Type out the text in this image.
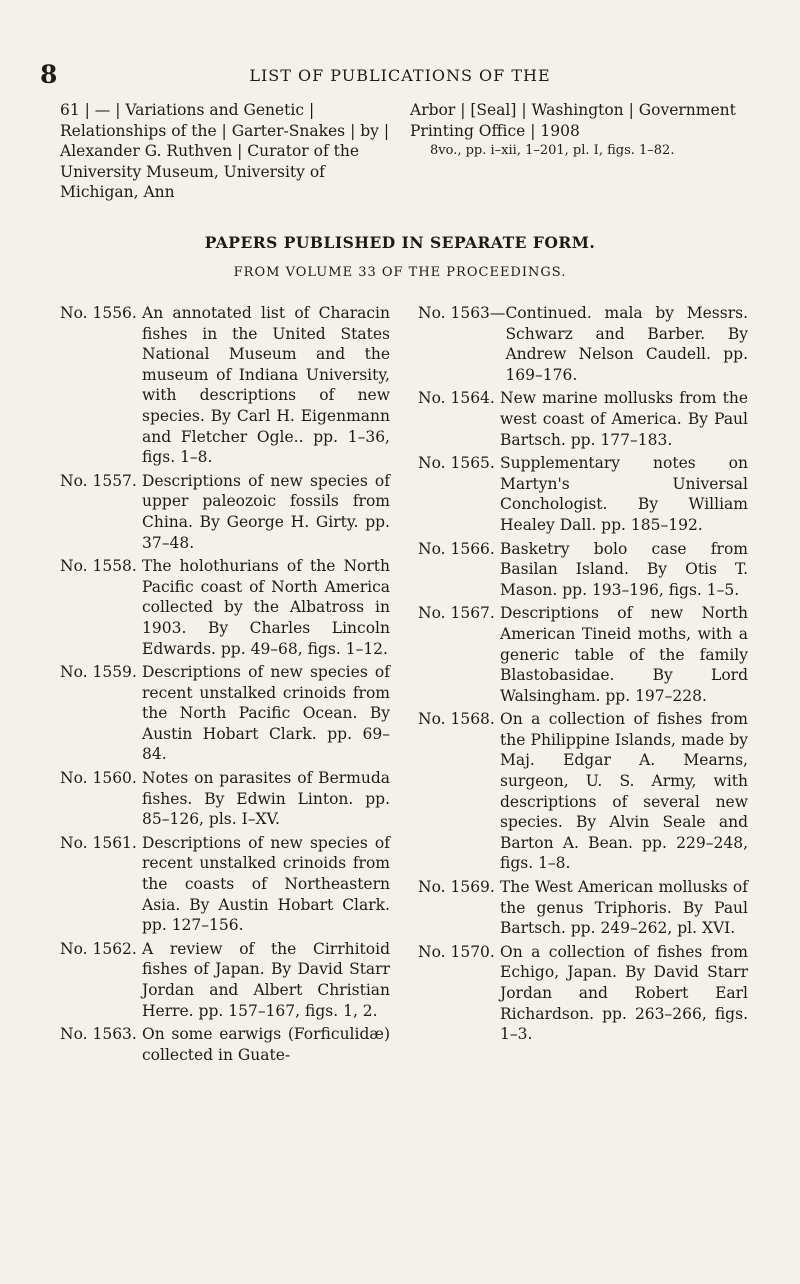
8	LIST OF PUBLICATIONS OF THE
61 | — | Variations and Genetic | Relationships of the | Garter-Snakes | by | Alexander G. Ruthven | Curator of the University Museum, University of Michigan, Ann
Arbor | [Seal] | Washington | Government Printing Office | 1908
8vo., pp. i–xii, 1–201, pl. I, figs. 1–82.
PAPERS PUBLISHED IN SEPARATE FORM.
FROM VOLUME 33 OF THE PROCEEDINGS.
No. 1556. An annotated list of Characin fishes in the United States National Museum and the museum of Indiana University, with descriptions of new species. By Carl H. Eigenmann and Fletcher Ogle.. pp. 1–36, figs. 1–8.
No. 1557. Descriptions of new species of upper paleozoic fossils from China. By George H. Girty. pp. 37–48.
No. 1558. The holothurians of the North Pacific coast of North America collected by the Albatross in 1903. By Charles Lincoln Edwards. pp. 49–68, figs. 1–12.
No. 1559. Descriptions of new species of recent unstalked crinoids from the North Pacific Ocean. By Austin Hobart Clark. pp. 69–84.
No. 1560. Notes on parasites of Bermuda fishes. By Edwin Linton. pp. 85–126, pls. I–XV.
No. 1561. Descriptions of new species of recent unstalked crinoids from the coasts of Northeastern Asia. By Austin Hobart Clark. pp. 127–156.
No. 1562. A review of the Cirrhitoid fishes of Japan. By David Starr Jordan and Albert Christian Herre. pp. 157–167, figs. 1, 2.
No. 1563. On some earwigs (Forficulidæ) collected in Guate-
No. 1563— Continued. mala by Messrs. Schwarz and Barber. By Andrew Nelson Caudell. pp. 169–176.
No. 1564. New marine mollusks from the west coast of America. By Paul Bartsch. pp. 177–183.
No. 1565. Supplementary notes on Martyn's Universal Conchologist. By William Healey Dall. pp. 185–192.
No. 1566. Basketry bolo case from Basilan Island. By Otis T. Mason. pp. 193–196, figs. 1–5.
No. 1567. Descriptions of new North American Tineid moths, with a generic table of the family Blastobasidae. By Lord Walsingham. pp. 197–228.
No. 1568. On a collection of fishes from the Philippine Islands, made by Maj. Edgar A. Mearns, surgeon, U. S. Army, with descriptions of several new species. By Alvin Seale and Barton A. Bean. pp. 229–248, figs. 1–8.
No. 1569. The West American mollusks of the genus Triphoris. By Paul Bartsch. pp. 249–262, pl. XVI.
No. 1570. On a collection of fishes from Echigo, Japan. By David Starr Jordan and Robert Earl Richardson. pp. 263–266, figs. 1–3.
